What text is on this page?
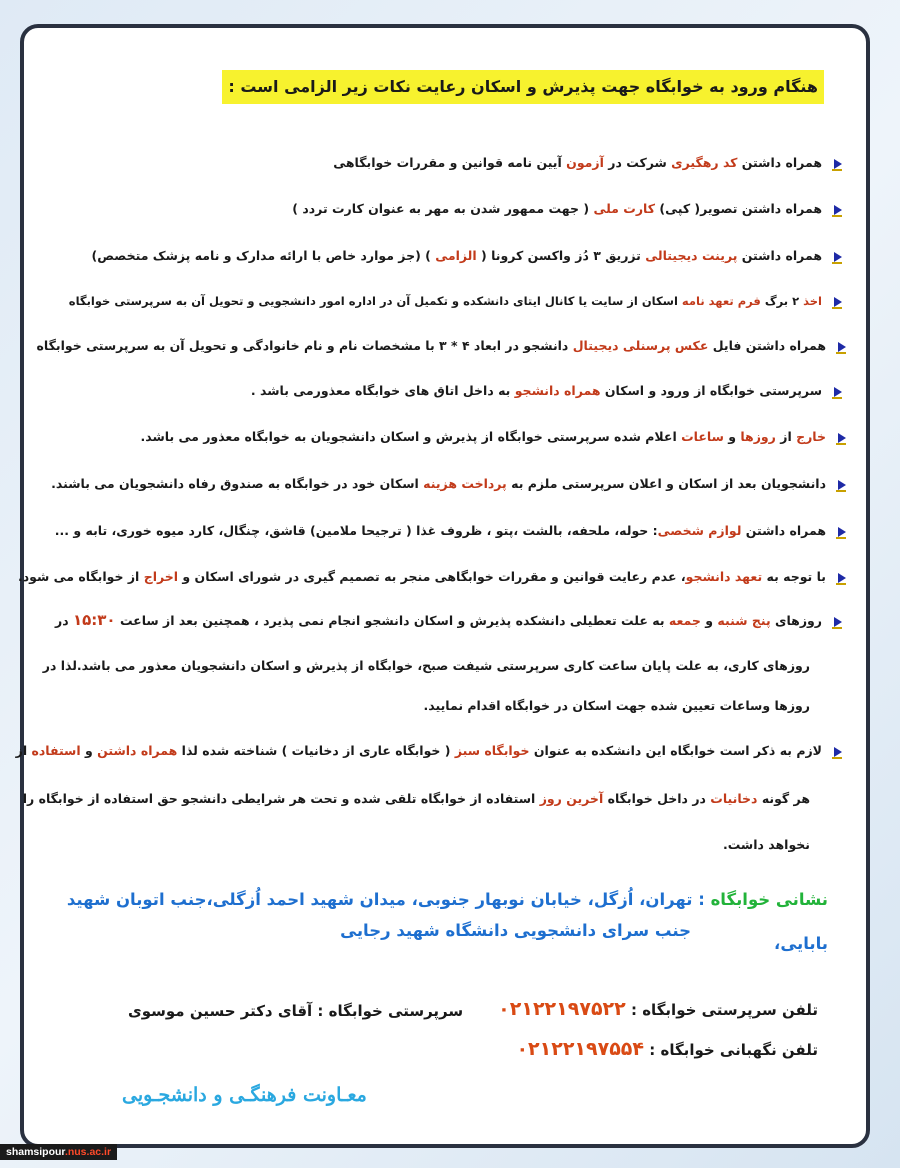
هنگام ورود به خوابگاه جهت پذیرش و اسکان رعایت نکات زیر الزامی است :
همراه داشتن کد رهگیری شرکت در آزمون آیین نامه قوانین و مقررات خوابگاهی
همراه داشتن تصویر( کپی) کارت ملی ( جهت ممهور شدن به مهر به عنوان کارت تردد )
همراه داشتن پرینت دیجیتالی تزریق ۳ دُز واکسن کرونا ( الزامی ) (جز موارد خاص با ارائه مدارک و نامه پزشک متخصص)
اخذ ۲ برگ فرم تعهد نامه اسکان از سایت یا کانال ایتای دانشکده و تکمیل آن در اداره امور دانشجویی و تحویل آن به سرپرستی خوابگاه
همراه داشتن فایل عکس پرسنلی دیجیتال دانشجو در ابعاد ۴ * ۳ با مشخصات نام و نام خانوادگی و تحویل آن به سرپرستی خوابگاه
سرپرستی خوابگاه از ورود و اسکان همراه دانشجو به داخل اتاق های خوابگاه معذورمی باشد .
خارج از روزها و ساعات اعلام شده سرپرستی خوابگاه از پذیرش و اسکان دانشجویان به خوابگاه معذور می باشد.
دانشجویان بعد از اسکان و اعلان سرپرستی ملزم به پرداخت هزینه اسکان خود در خوابگاه به صندوق رفاه دانشجویان می باشند.
همراه داشتن لوازم شخصی: حوله، ملحفه، بالشت ،پتو ، ظروف غذا ( ترجیحا ملامین) قاشق، چنگال، کارد میوه خوری، تابه و ...
با توجه به تعهد دانشجو، عدم رعایت قوانین و مقررات خوابگاهی منجر به تصمیم گیری در شورای اسکان و اخراج از خوابگاه می شود.
روزهای پنج شنبه و جمعه به علت تعطیلی دانشکده پذیرش و اسکان دانشجو انجام نمی پذیرد ، همچنین بعد از ساعت ۱۵:۳۰ در
روزهای کاری، به علت پایان ساعت کاری سرپرستی شیفت صبح، خوابگاه از پذیرش و اسکان دانشجویان معذور می باشد.لذا در
روزها وساعات تعیین شده جهت اسکان در خوابگاه اقدام نمایید.
لازم به ذکر است خوابگاه این دانشکده به عنوان خوابگاه سبز ( خوابگاه عاری از دخانیات ) شناخته شده لذا همراه داشتن و استفاده از
هر گونه دخانیات در داخل خوابگاه آخرین روز استفاده از خوابگاه تلقی شده و تحت هر شرایطی دانشجو حق استفاده از خوابگاه را
نخواهد داشت.
نشانی خوابگاه : تهران، اُزگل، خیابان نوبهار جنوبی، میدان شهید احمد اُزگلی،جنب اتوبان شهید بابایی،
جنب سرای دانشجویی دانشگاه شهید رجایی
تلفن سرپرستی خوابگاه : ۰۲۱۲۲۱۹۷۵۲۲
سرپرستی خوابگاه : آقای دکتر حسین موسوی
تلفن نگهبانی خوابگاه : ۰۲۱۲۲۱۹۷۵۵۴
معـاونت فرهنگـی و دانشجـویی
shamsipour.nus.ac.ir
